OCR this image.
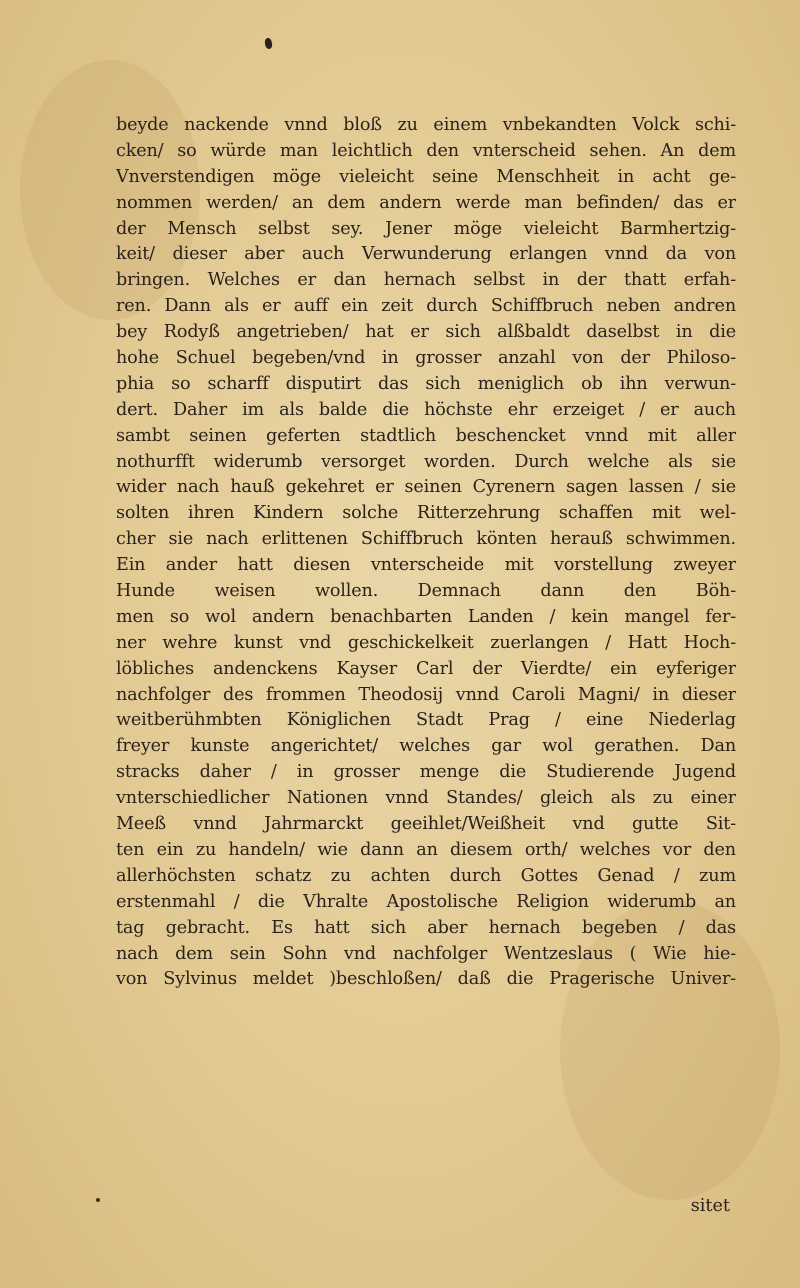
beyde nackende vnnd bloß zu einem vnbekandten Volck schi-
cken/ so würde man leichtlich den vnterscheid sehen. An dem
Vnverstendigen möge vieleicht seine Menschheit in acht ge-
nommen werden/ an dem andern werde man befinden/ das er
der Mensch selbst sey. Jener möge vieleicht Barmhertzig-
keit/ dieser aber auch Verwunderung erlangen vnnd da von
bringen. Welches er dan hernach selbst in der thatt erfah-
ren. Dann als er auff ein zeit durch Schiffbruch neben andren
bey Rodyß angetrieben/ hat er sich alßbaldt daselbst in die
hohe Schuel begeben/vnd in grosser anzahl von der Philoso-
phia so scharff disputirt das sich meniglich ob ihn verwun-
dert. Daher im als balde die höchste ehr erzeiget / er auch
sambt seinen geferten stadtlich beschencket vnnd mit aller
nothurfft widerumb versorget worden. Durch welche als sie
wider nach hauß gekehret er seinen Cyrenern sagen lassen / sie
solten ihren Kindern solche Ritterzehrung schaffen mit wel-
cher sie nach erlittenen Schiffbruch könten herauß schwimmen.
Ein ander hatt diesen vnterscheide mit vorstellung zweyer
Hunde weisen wollen. Demnach dann den Böh-
men so wol andern benachbarten Landen / kein mangel fer-
ner wehre kunst vnd geschickelkeit zuerlangen / Hatt Hoch-
löbliches andenckens Kayser Carl der Vierdte/ ein eyferiger
nachfolger des frommen Theodosij vnnd Caroli Magni/ in dieser
weitberühmbten Königlichen Stadt Prag / eine Niederlag
freyer kunste angerichtet/ welches gar wol gerathen. Dan
stracks daher / in grosser menge die Studierende Jugend
vnterschiedlicher Nationen vnnd Standes/ gleich als zu einer
Meeß vnnd Jahrmarckt geeihlet/Weißheit vnd gutte Sit-
ten ein zu handeln/ wie dann an diesem orth/ welches vor den
allerhöchsten schatz zu achten durch Gottes Genad / zum
erstenmahl / die Vhralte Apostolische Religion widerumb an
tag gebracht. Es hatt sich aber hernach begeben / das
nach dem sein Sohn vnd nachfolger Wentzeslaus ( Wie hie-
von Sylvinus meldet )beschloßen/ daß die Pragerische Univer-
sitet
